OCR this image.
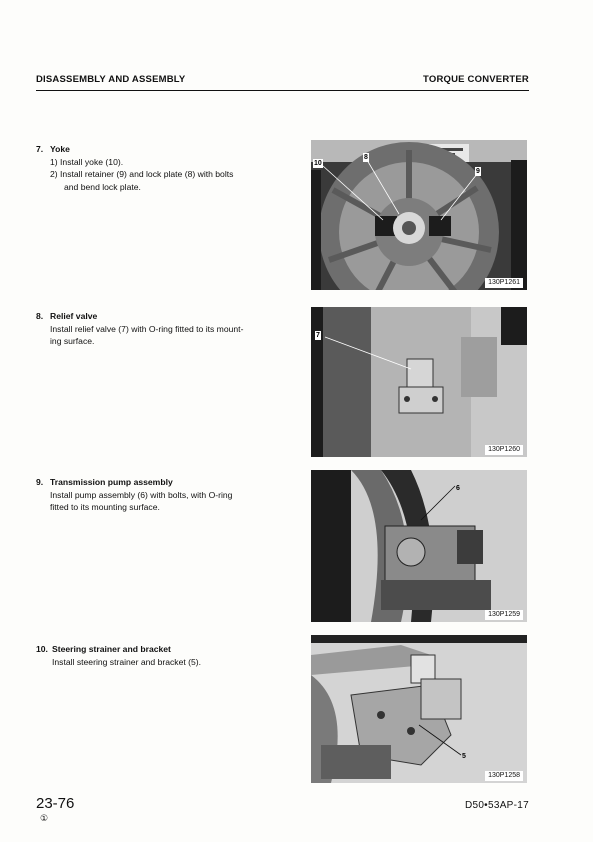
DISASSEMBLY AND ASSEMBLY	TORQUE CONVERTER
7. Yoke
1) Install yoke (10).
2) Install retainer (9) and lock plate (8) with bolts
and bend lock plate.
10
8
9
130P1261
8. Relief valve
Install relief valve (7) with O-ring fitted to its mount-
ing surface.
7
130P1260
9. Transmission pump assembly
Install pump assembly (6) with bolts, with O-ring
fitted to its mounting surface.
6
130P1259
10. Steering strainer and bracket
Install steering strainer and bracket (5).
5
130P1258
23-76
①
D50•53AP-17
